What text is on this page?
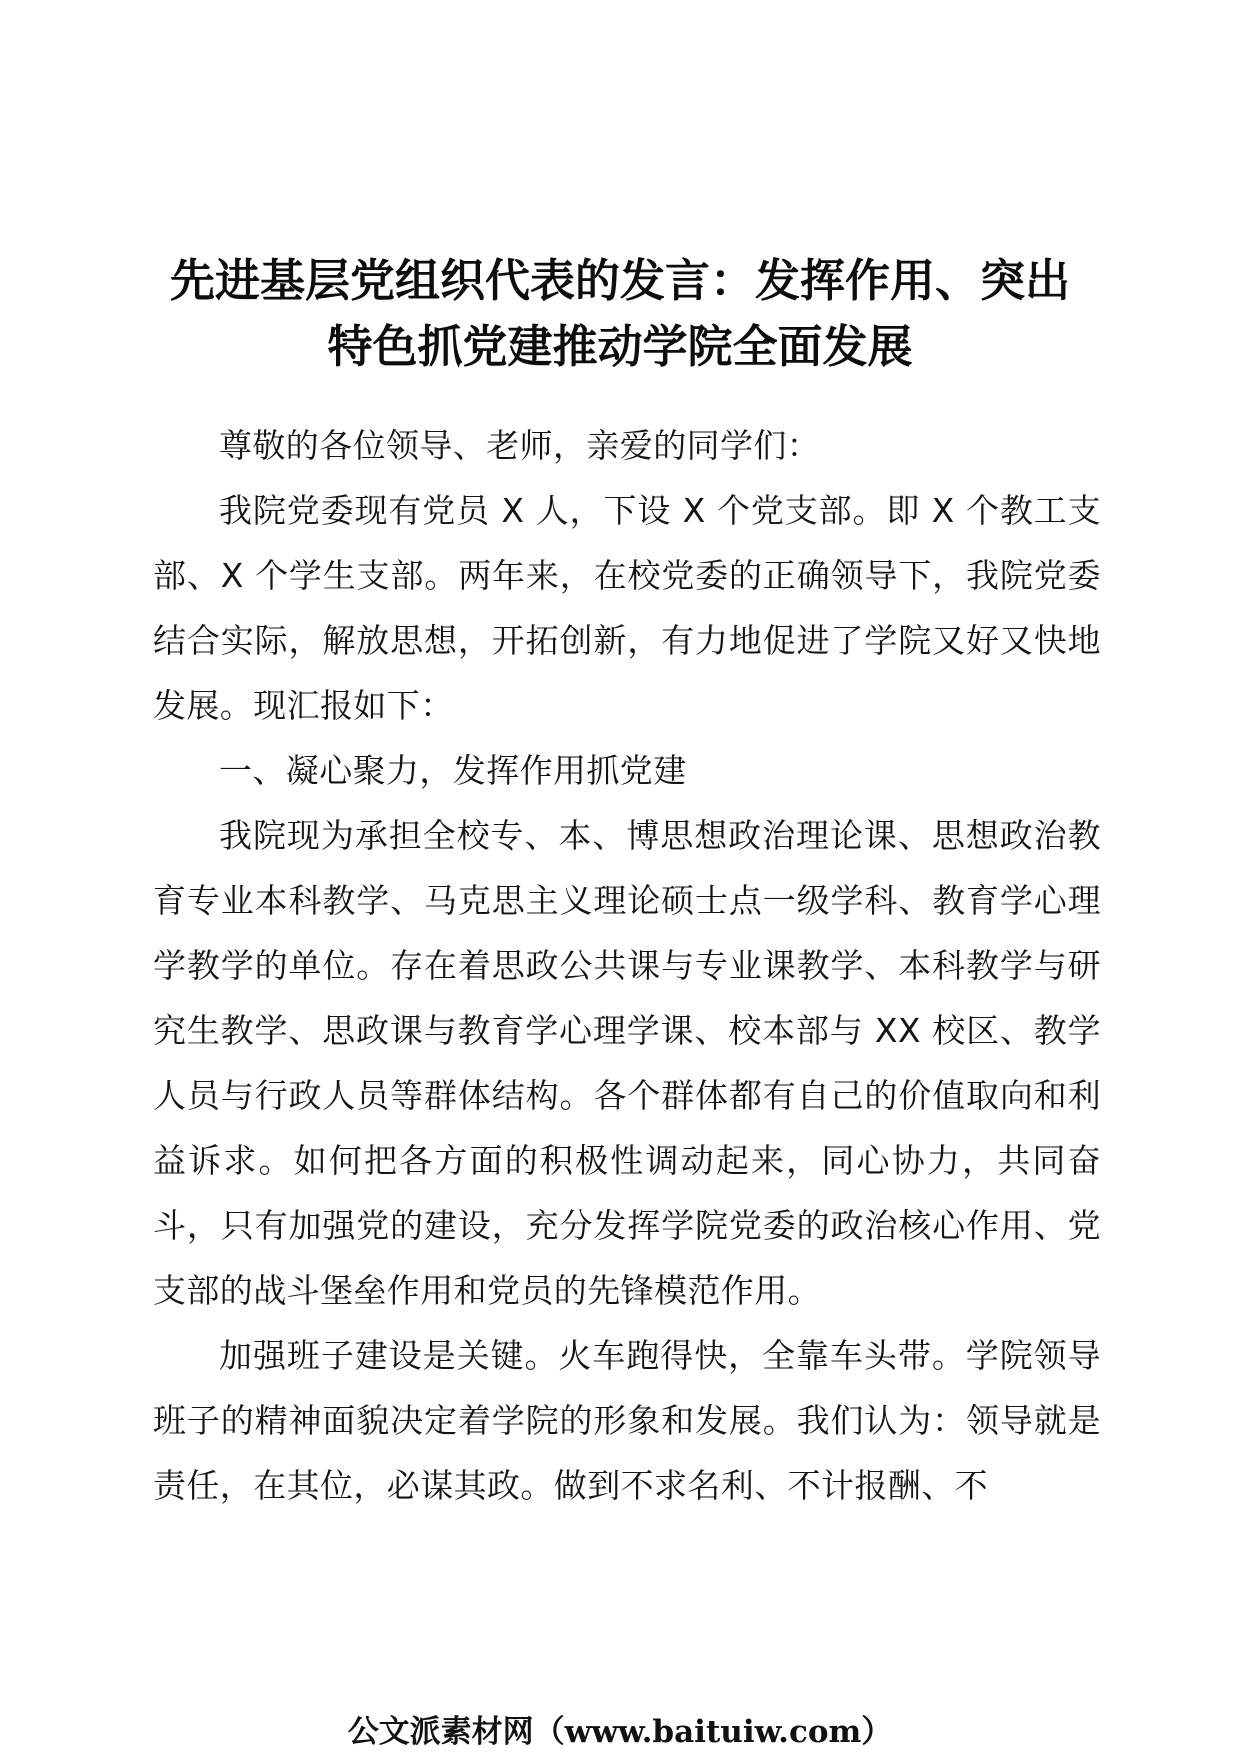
先进基层党组织代表的发言：发挥作用、突出
特色抓党建推动学院全面发展

尊敬的各位领导、老师，亲爱的同学们：

我院党委现有党员 X 人，下设 X 个党支部。即 X 个教工支部、X 个学生支部。两年来，在校党委的正确领导下，我院党委结合实际，解放思想，开拓创新，有力地促进了学院又好又快地发展。现汇报如下：

一、凝心聚力，发挥作用抓党建

我院现为承担全校专、本、博思想政治理论课、思想政治教育专业本科教学、马克思主义理论硕士点一级学科、教育学心理学教学的单位。存在着思政公共课与专业课教学、本科教学与研究生教学、思政课与教育学心理学课、校本部与 XX 校区、教学人员与行政人员等群体结构。各个群体都有自己的价值取向和利益诉求。如何把各方面的积极性调动起来，同心协力，共同奋斗，只有加强党的建设，充分发挥学院党委的政治核心作用、党支部的战斗堡垒作用和党员的先锋模范作用。

加强班子建设是关键。火车跑得快，全靠车头带。学院领导班子的精神面貌决定着学院的形象和发展。我们认为：领导就是责任，在其位，必谋其政。做到不求名利、不计报酬、不

公文派素材网（www.baituiw.com）
